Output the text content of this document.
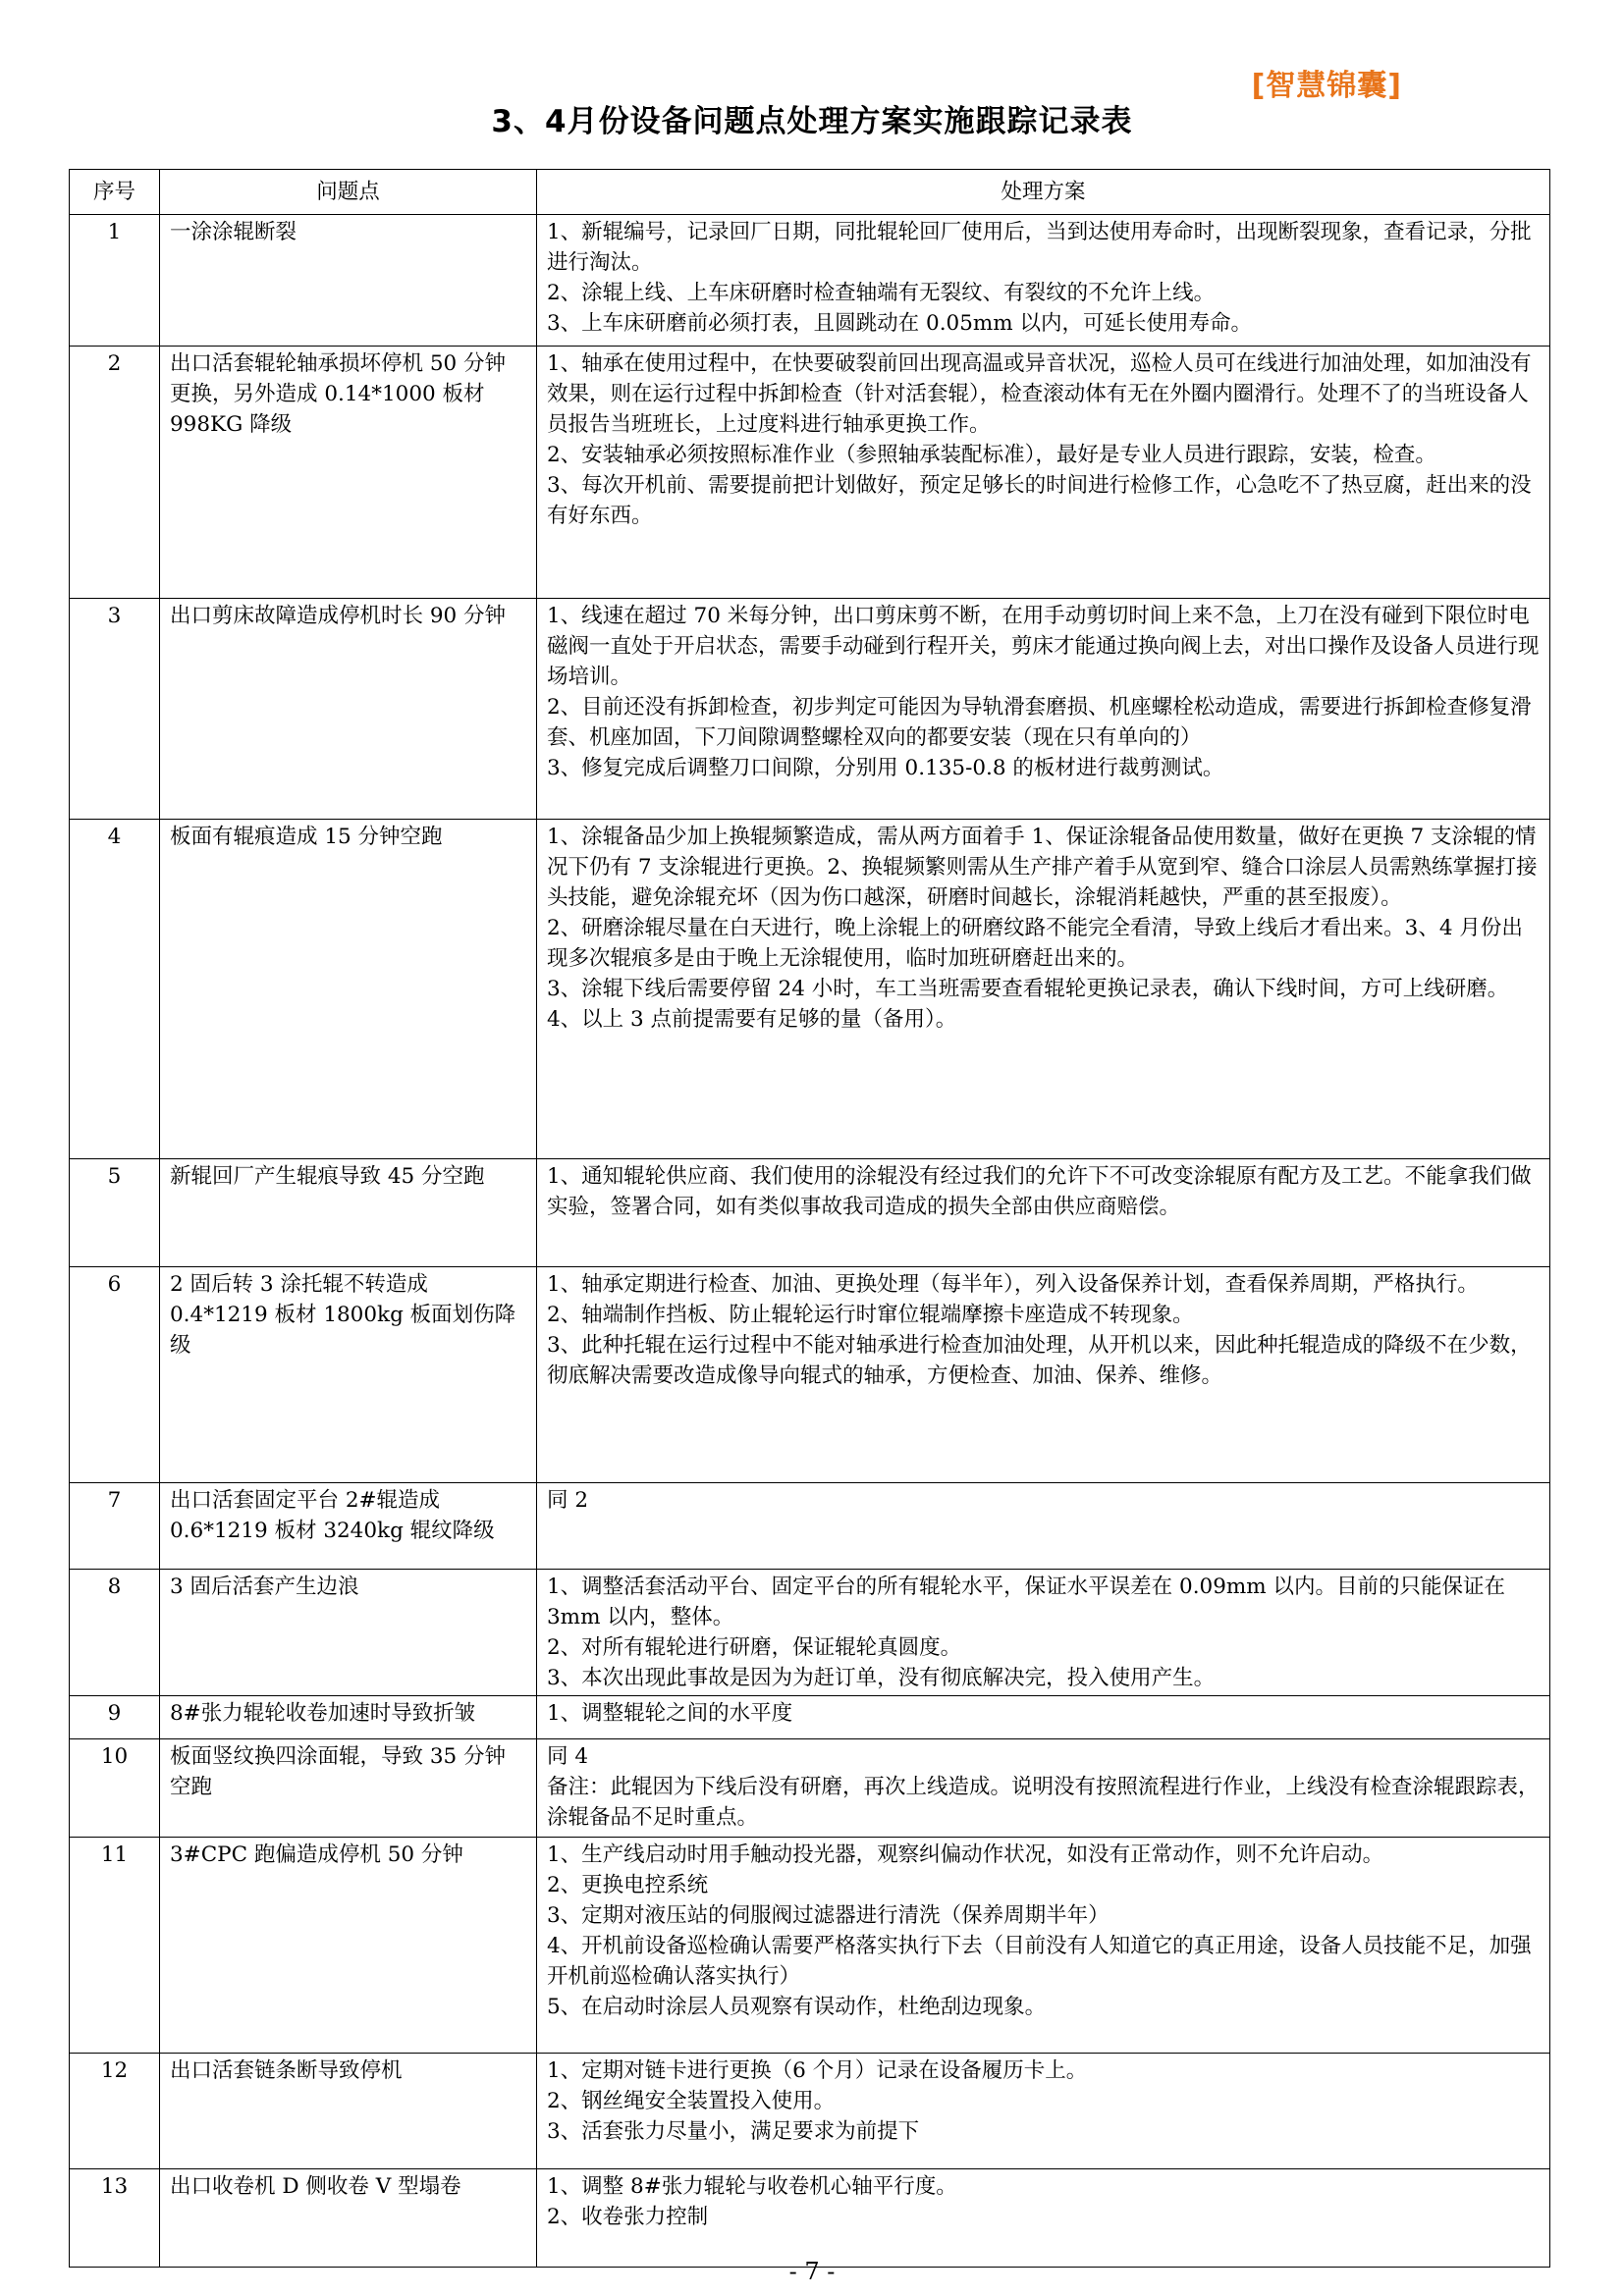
[智慧锦囊]
3、4月份设备问题点处理方案实施跟踪记录表
序号	问题点	处理方案
1	一涂涂辊断裂	1、新辊编号，记录回厂日期，同批辊轮回厂使用后，当到达使用寿命时，出现断裂现象，查看记录，分批进行淘汰。
2、涂辊上线、上车床研磨时检查轴端有无裂纹、有裂纹的不允许上线。
3、上车床研磨前必须打表，且圆跳动在 0.05mm 以内，可延长使用寿命。

2	出口活套辊轮轴承损坏停机 50 分钟更换，另外造成 0.14*1000 板材 998KG 降级	1、轴承在使用过程中，在快要破裂前回出现高温或异音状况，巡检人员可在线进行加油处理，如加油没有效果，则在运行过程中拆卸检查（针对活套辊），检查滚动体有无在外圈内圈滑行。处理不了的当班设备人员报告当班班长，上过度料进行轴承更换工作。
2、安装轴承必须按照标准作业（参照轴承装配标准），最好是专业人员进行跟踪，安装，检查。
3、每次开机前、需要提前把计划做好，预定足够长的时间进行检修工作，心急吃不了热豆腐，赶出来的没有好东西。

3	出口剪床故障造成停机时长 90 分钟	1、线速在超过 70 米每分钟，出口剪床剪不断，在用手动剪切时间上来不急，上刀在没有碰到下限位时电磁阀一直处于开启状态，需要手动碰到行程开关，剪床才能通过换向阀上去，对出口操作及设备人员进行现场培训。
2、目前还没有拆卸检查，初步判定可能因为导轨滑套磨损、机座螺栓松动造成，需要进行拆卸检查修复滑套、机座加固，下刀间隙调整螺栓双向的都要安装（现在只有单向的）
3、修复完成后调整刀口间隙，分别用 0.135-0.8 的板材进行裁剪测试。

4	板面有辊痕造成 15 分钟空跑	1、涂辊备品少加上换辊频繁造成，需从两方面着手 1、保证涂辊备品使用数量，做好在更换 7 支涂辊的情况下仍有 7 支涂辊进行更换。2、换辊频繁则需从生产排产着手从宽到窄、缝合口涂层人员需熟练掌握打接头技能，避免涂辊充坏（因为伤口越深，研磨时间越长，涂辊消耗越快，严重的甚至报废）。
2、研磨涂辊尽量在白天进行，晚上涂辊上的研磨纹路不能完全看清，导致上线后才看出来。3、4 月份出现多次辊痕多是由于晚上无涂辊使用，临时加班研磨赶出来的。
3、涂辊下线后需要停留 24 小时，车工当班需要查看辊轮更换记录表，确认下线时间，方可上线研磨。
4、以上 3 点前提需要有足够的量（备用）。

5	新辊回厂产生辊痕导致 45 分空跑	1、通知辊轮供应商、我们使用的涂辊没有经过我们的允许下不可改变涂辊原有配方及工艺。不能拿我们做实验，签署合同，如有类似事故我司造成的损失全部由供应商赔偿。

6	2 固后转 3 涂托辊不转造成 0.4*1219 板材 1800kg 板面划伤降级	1、轴承定期进行检查、加油、更换处理（每半年），列入设备保养计划，查看保养周期，严格执行。
2、轴端制作挡板、防止辊轮运行时窜位辊端摩擦卡座造成不转现象。
3、此种托辊在运行过程中不能对轴承进行检查加油处理，从开机以来，因此种托辊造成的降级不在少数，彻底解决需要改造成像导向辊式的轴承，方便检查、加油、保养、维修。

7	出口活套固定平台 2#辊造成 0.6*1219 板材 3240kg 辊纹降级	同 2

8	3 固后活套产生边浪	1、调整活套活动平台、固定平台的所有辊轮水平，保证水平误差在 0.09mm 以内。目前的只能保证在 3mm 以内，整体。
2、对所有辊轮进行研磨，保证辊轮真圆度。
3、本次出现此事故是因为为赶订单，没有彻底解决完，投入使用产生。

9	8#张力辊轮收卷加速时导致折皱	1、调整辊轮之间的水平度

10	板面竖纹换四涂面辊，导致 35 分钟空跑	同 4
备注：此辊因为下线后没有研磨，再次上线造成。说明没有按照流程进行作业，上线没有检查涂辊跟踪表，涂辊备品不足时重点。

11	3#CPC 跑偏造成停机 50 分钟	1、生产线启动时用手触动投光器，观察纠偏动作状况，如没有正常动作，则不允许启动。
2、更换电控系统
3、定期对液压站的伺服阀过滤器进行清洗（保养周期半年）
4、开机前设备巡检确认需要严格落实执行下去（目前没有人知道它的真正用途，设备人员技能不足，加强开机前巡检确认落实执行）
5、在启动时涂层人员观察有误动作，杜绝刮边现象。

12	出口活套链条断导致停机	1、定期对链卡进行更换（6 个月）记录在设备履历卡上。
2、钢丝绳安全装置投入使用。
3、活套张力尽量小，满足要求为前提下

13	出口收卷机 D 侧收卷 V 型塌卷	1、调整 8#张力辊轮与收卷机心轴平行度。
2、收卷张力控制
- 7 -
